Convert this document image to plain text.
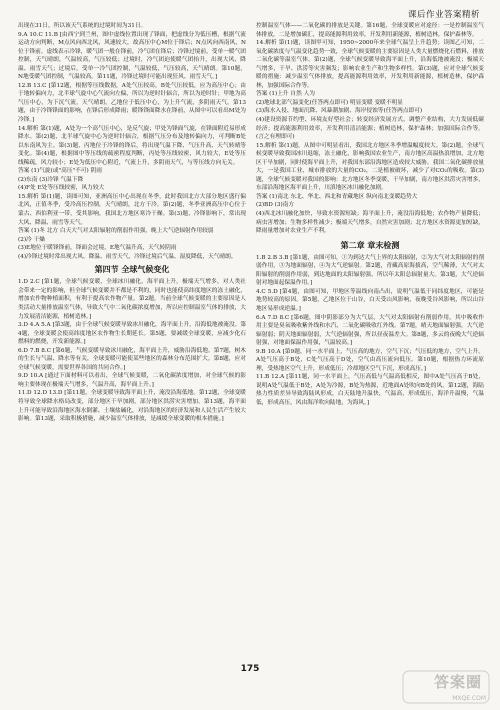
课后作业答案精析

出现在31日，所以该天气系统的过境时间为31日。

9.A 10.C 11.B [由西宁到兰州，图中虚线位置出现了锋面，把虚线分为低压槽，根据气流运动方向判断，M点风向西北风，风速较大，故高压中心M位于锋后；N点风向西南风，N位于锋前。虚线表示冷锋，暖气团一般在锋前，冷气团在锋后；冷锋过境前，受单一暖气团控制，天气晴朗，气温较高，气压较低；过境时，冷气团迫使暖气团抬升，出现大风、降温、雨雪天气；过境后，受单一冷气团控制，气温较低，气压较高，天气晴朗。第10题，N地受暖气团控制，气温较高。第11题，冷锋过境时可能出现狂风、雨雪天气。]

12.B 13.C [第12题，根据等压线数据，A处气压较高，B处气压较低，应为高压中心；由于地转偏向力，北半球气旋中心气流向左偏，所以为逆时针辐合，所以为逆时针；甲地为高气压中心，为下沉气流，天气晴朗，乙地位于低压中心，为上升气流，多阴雨天气。第13题，由于冷锋锋面的影响，在锋后形成降雨；暖锋锋面降水在锋前，从图中可以看出M处为冷锋。]

14.解析 第(1)题，A处为一个高气压中心，是反气旋；甲处为锋面气旋，在锋面附近易形成降水。第(2)题，北半球气旋中心为逆时针辐合，根据气压分布及地转偏向力，可判断B处以东南风为主。第(3)题，丙地位于冷锋的锋后，将出现气温下降、气压升高、天气转晴等变化。第(4)题，根据图中等压线的疏密程度判断，丙处等压线较密，风力较大，E处等压线稀疏，风力较小；E处为低压中心附近，气流上升，多阴雨天气，与等压线方向无关。

答案 (1)气旋(或"高压"不可) 阴雨

(2)东南 (3)冷锋 气温下降

(4)F处 E处等压线较密，风力较大

15.解析 第(1)题，读图可知，亚洲高压中心出现在冬季，此时我国北方大部分地区盛行偏北风，正值冬季，受冷高压控制，天气晴朗，北方干冷。第(2)题，冬季亚洲高压中心位于蒙古、西伯利亚一带，受其影响，我国北方地区寒冷干燥。第(3)题，冷锋影响下，常出现大风、降温、雨雪等天气。

答案 (1)冬 北方 白天大气对太阳辐射的削弱作用强，晚上大气逆辐射作用较弱

(2)冷 干燥

(3)E地位于暖锋锋前，锋面会过境，E地气温升高，天气转阴雨

(4)冷锋过境时常出现大风、降温、雨雪天气，冷锋过境后气温、湿度降低，天气晴朗。

第四节 全球气候变化

1.D 2.C [第1题，全球气候变暖，全球冰川融化，海平面上升，极端天气增多，对人类社会带来一定的影响，但全球气候变暖并不都是不利的，同时也能使高纬度地区的冻土融化，增加农作物种植面积，有利于提高农作物产量。第2题，当前全球气候变暖的主要原因是人类活动大量排放温室气体，导致大气中二氧化碳浓度增加，所以应控制温室气体的排放，大力发展清洁能源，植树造林。]

3.D 4.A 5.A [第3题，由于全球气候变暖导致冰川融化，海平面上升，沿海低地被淹没。第4题，全球变暖会使高纬度地区农作物生长期延长。第5题，要减缓全球变暖，应减少化石燃料的燃烧，开发新能源。]

6.D 7.B 8.C [第6题，气候变暖导致冰川融化，海平面上升，威胁沿海低地。第7题，树木的生长与气温、降水等有关，全球变暖可能使某些地区的森林分布范围扩大。第8题，应对全球气候变暖，需要世界各国的共同合作。]

9.D 10.A [通过下面材料可以看出，全球气候变暖，二氧化碳浓度增加，对全球气候的影响主要体现在极端天气增多，气温升高，海平面上升。]

11.D 12.D 13.D [第11题，全球变暖导致海平面上升，淹没沿海低地。第12题，全球变暖将导致全球降水格局改变，部分地区干旱加剧，部分地区洪涝灾害增加。第13题，海平面上升可能导致沿海地区海水倒灌、土壤盐碱化，对沿海地区的经济发展和人民生活产生较大影响。第13题，采取积极措施，减少温室气体排放，是减缓全球变暖的根本措施。]

控制温室气体——二氧化碳的排放是关键。第16题，全球变暖应对途径：一是控制温室气体排放，二是增加碳汇，提高能源利用效率，开发利用新能源，植树造林，保护森林等。

14.解析 第(1)题，读图甲可知，1950~2000年来全球气温呈上升趋势；读图乙可知，二氧化碳浓度与气温变化趋势一致，全球气候变暖的主要原因是人类大量燃烧化石燃料，排放二氧化碳等温室气体。第(2)题，全球气候变暖导致海平面上升，沿海低地被淹没；极端天气增多，干旱、洪涝等灾害频发；影响农业生产和生物多样性。第(3)题，应对全球气候变暖的措施：减少温室气体排放，提高能源利用效率，开发利用新能源，植树造林，保护森林，加强国际合作等。

答案 (1)上升 自然 人为

(2)地球北部气温变化(任答两点即可) 明显变暖 变暖不明显

(3)海水入侵、地面沉降、风暴潮加剧、海岸侵蚀等(任答两点即可)

(4)建设资源节约型、环境友好型社会；转变经济发展方式，调整产业结构，大力发展低碳经济；提高能源利用效率，开发利用清洁能源；植树造林，保护森林；加强国际合作等。(言之有理即可)

15.解析 第(1)题，从图中可明显看出，我国北方地区冬季增温幅度较大。第(2)题，全球气候变暖导致我国冰川退缩，冻土融化，影响我国农业生产，南方地区高温热浪增加，北方地区干旱加剧，同时使海平面上升，对我国东部沿海地区造成较大威胁。我国二氧化碳排放量大，一是我国工业、城市排放的大量的CO₂，二是植被破坏，减少了对CO₂的吸收。第(3)题，全球气候变暖对我国的影响：北方地区冬季变暖，干旱加剧，南方地区洪涝灾害增多，东部沿海地区海平面上升，川滇地区冰川融化加剧。

答案 (1)南北 东北、华北、西北和青藏地区 纵向南北变暖趋势大

(2)BD (3)南方

(4)西北冰川融化加快，导致水资源短缺；海平面上升，淹没沿海低地；农作物产量降低；病虫害增加；生物多样性减少；极端天气增多，自然灾害加剧；北方地区水资源更加短缺，降雨量增加对农业生产不利。

第二章 章末检测

1.B 2.B 3.B [第1题，由图可知，①为到达大气上界的太阳辐射，②为大气对太阳辐射的削弱作用，③为地面辐射，④为大气逆辐射。第2题，青藏高原海拔高，空气稀薄，大气对太阳辐射的削弱作用弱，到达地面的太阳辐射强，所以年太阳总辐射量大。第3题，大气逆辐射对地面起保温作用。]

4.C 5.D [第4题，由图可知，甲地区等温线向南凸出，说明气温低于同纬度地区，可能是地势较高的原因。第5题，乙地区位于山谷，白天受山风影响，夜晚受谷风影响，所以山谷地区易形成逆温。]

6.A 7.D 8.C [第6题，图中阴影部分为大气层，大气对太阳辐射有削弱作用，其中吸收作用主要是臭氧吸收紫外线和水汽、二氧化碳吸收红外线。第7题，晴天地面辐射强，大气逆辐射弱；阴天地面辐射弱，大气逆辐射强，所以昼夜温差大。第8题，多云的夜晚大气逆辐射强，对地面保温作用强，气温较高。]

9.B 10.A [第9题，同一水平面上，气压高的地方，空气下沉；气压低的地方，空气上升。A处气压高于B处，C处气压高于D处，空气由高压流向低压。第10题，根据热力环流原理，受热地区空气上升，形成低压；冷却地区空气下沉，形成高压。]

11.B 12.A [第11题，同一水平面上，气压高低与气温高低相反，图中A处气压高于B处，说明A处气温低于B处，A处为冷源，B处为热源，近地面A处吹向B处的风。第12题，海陆热力性质差异导致海陆风形成，白天陆地升温快，气温高，形成低压，海洋升温慢，气温低，形成高压，风由海洋吹向陆地，为海风。]

175
答案圈
MXQE.COM
